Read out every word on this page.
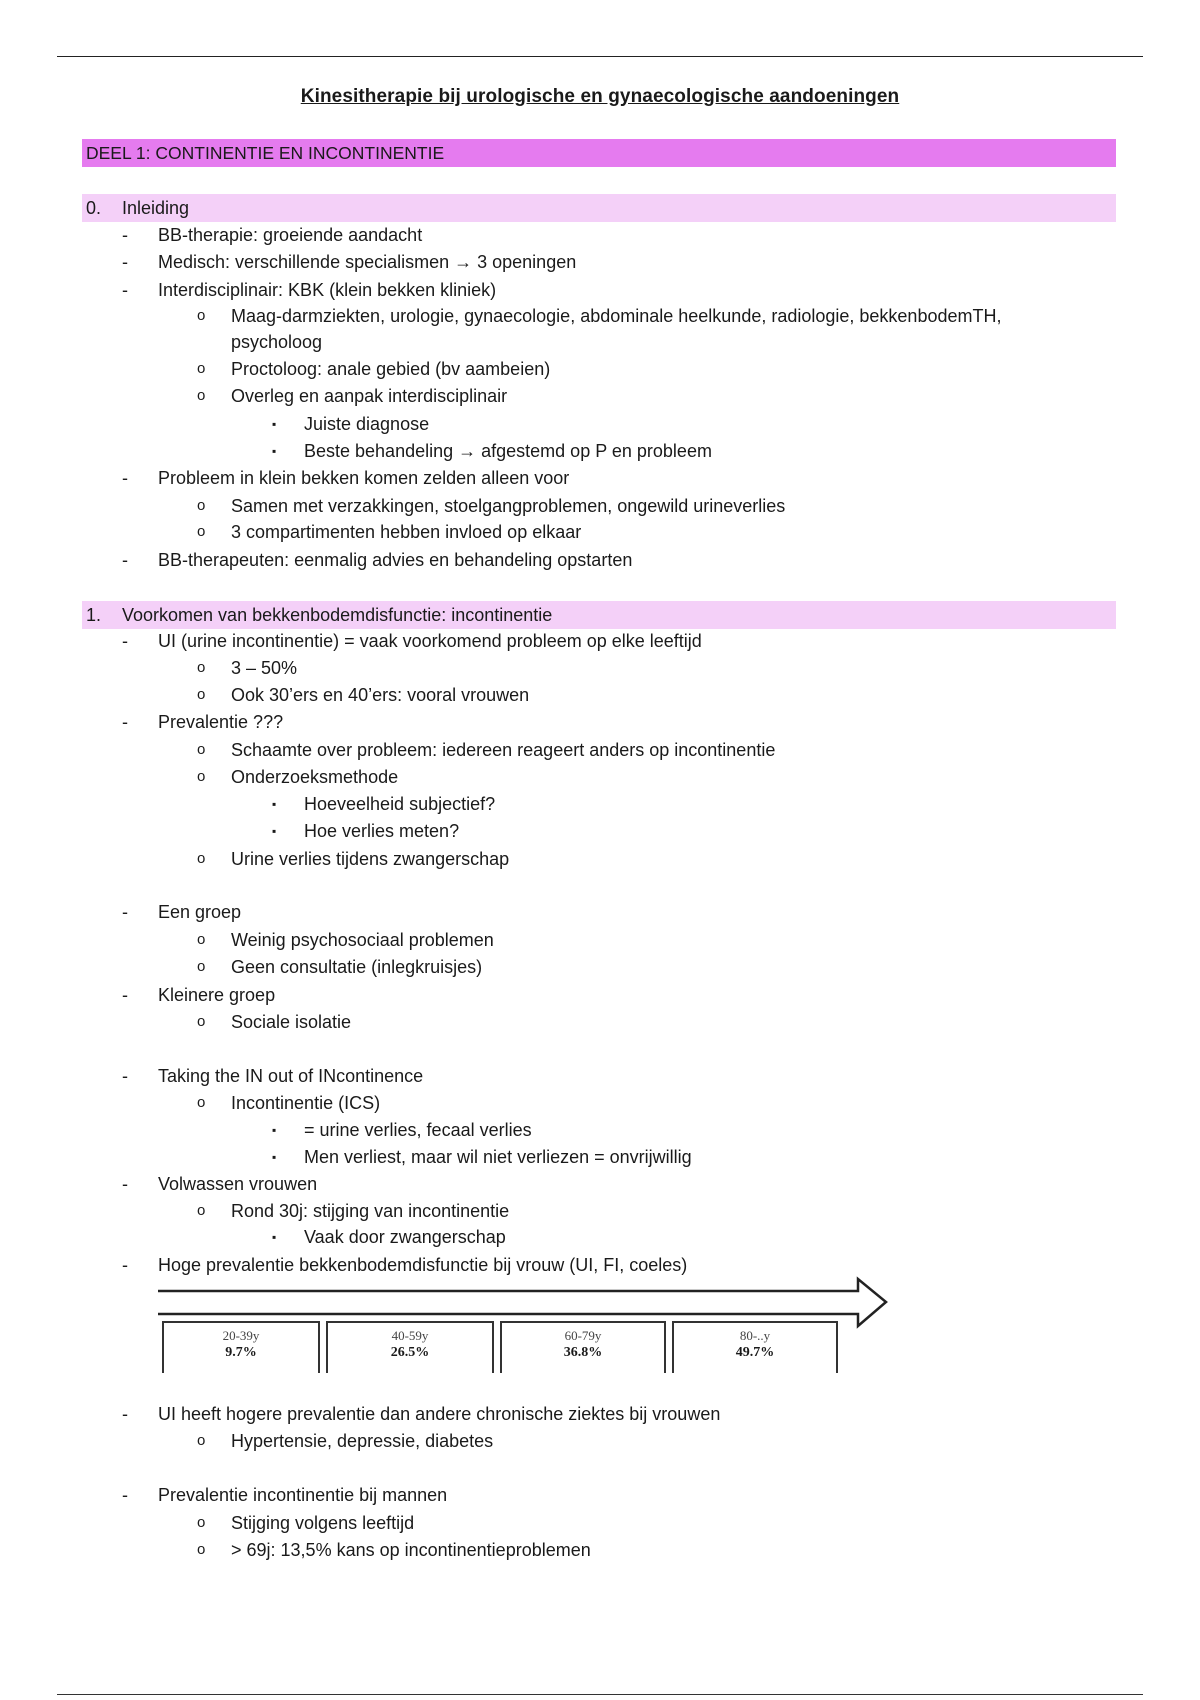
Kinesitherapie bij urologische en gynaecologische aandoeningen
DEEL 1: CONTINENTIE EN INCONTINENTIE
0. Inleiding
- BB-therapie: groeiende aandacht
- Medisch: verschillende specialismen → 3 openingen
- Interdisciplinair: KBK (klein bekken kliniek)
o Maag-darmziekten, urologie, gynaecologie, abdominale heelkunde, radiologie, bekkenbodemTH,
psycholoog
o Proctoloog: anale gebied (bv aambeien)
o Overleg en aanpak interdisciplinair
▪ Juiste diagnose
▪ Beste behandeling → afgestemd op P en probleem
- Probleem in klein bekken komen zelden alleen voor
o Samen met verzakkingen, stoelgangproblemen, ongewild urineverlies
o 3 compartimenten hebben invloed op elkaar
- BB-therapeuten: eenmalig advies en behandeling opstarten
1. Voorkomen van bekkenbodemdisfunctie: incontinentie
- UI (urine incontinentie) = vaak voorkomend probleem op elke leeftijd
o 3 – 50%
o Ook 30’ers en 40’ers: vooral vrouwen
- Prevalentie ???
o Schaamte over probleem: iedereen reageert anders op incontinentie
o Onderzoeksmethode
▪ Hoeveelheid subjectief?
▪ Hoe verlies meten?
o Urine verlies tijdens zwangerschap
- Een groep
o Weinig psychosociaal problemen
o Geen consultatie (inlegkruisjes)
- Kleinere groep
o Sociale isolatie
- Taking the IN out of INcontinence
o Incontinentie (ICS)
▪ = urine verlies, fecaal verlies
▪ Men verliest, maar wil niet verliezen = onvrijwillig
- Volwassen vrouwen
o Rond 30j: stijging van incontinentie
▪ Vaak door zwangerschap
- Hoge prevalentie bekkenbodemdisfunctie bij vrouw (UI, FI, coeles)
20-39y
9.7%
40-59y
26.5%
60-79y
36.8%
80-..y
49.7%
- UI heeft hogere prevalentie dan andere chronische ziektes bij vrouwen
o Hypertensie, depressie, diabetes
- Prevalentie incontinentie bij mannen
o Stijging volgens leeftijd
o > 69j: 13,5% kans op incontinentieproblemen
